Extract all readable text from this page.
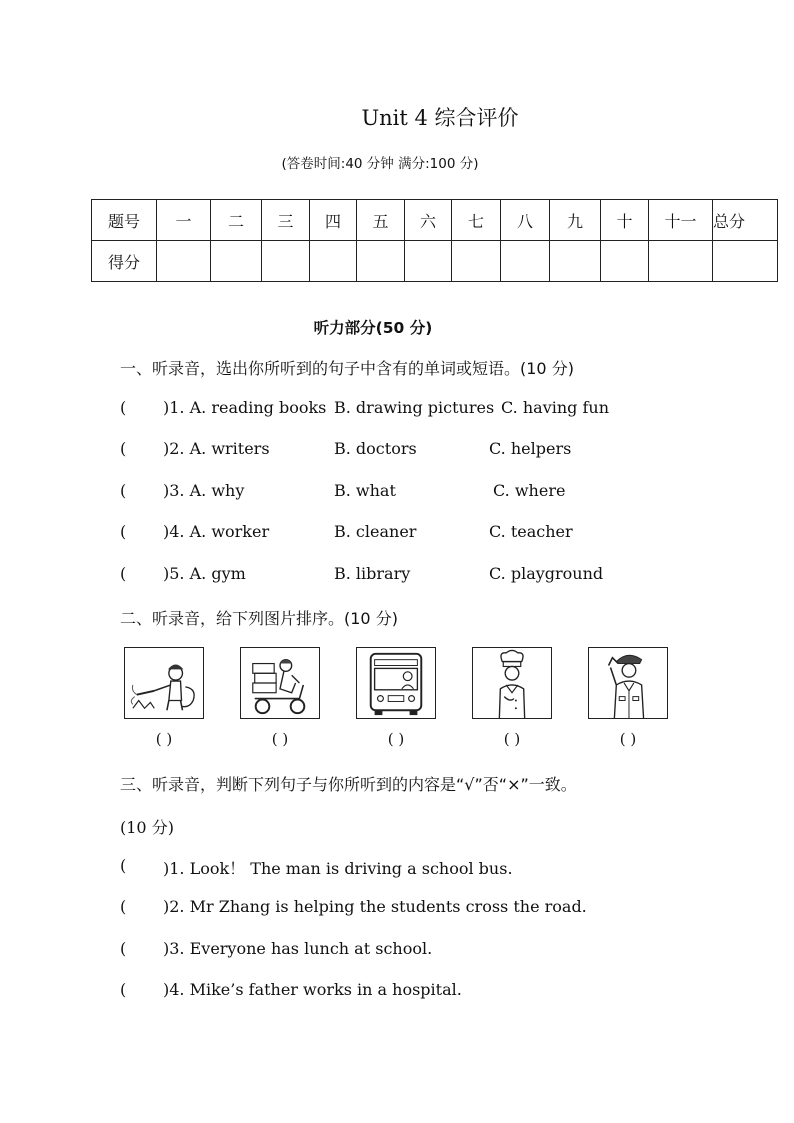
Unit 4 综合评价
(答卷时间:40 分钟 满分:100 分)
题号	一	二	三	四	五	六	七	八	九	十	十一	总分
得分												
听力部分(50 分)
一、听录音，选出你所听到的句子中含有的单词或短语。(10 分)
( )1. A. reading books B. drawing pictures C. having fun
( )2. A. writers	B. doctors	C. helpers
( )3. A. why	B. what	C. where
( )4. A. worker	B. cleaner	C. teacher
( )5. A. gym	B. library	C. playground
二、听录音，给下列图片排序。(10 分)
( )	( )	( )	( )	( )
三、听录音，判断下列句子与你所听到的内容是“√”否“×”一致。
(10 分)
( )1. Look！ The man is driving a school bus.
( )2. Mr Zhang is helping the students cross the road.
( )3. Everyone has lunch at school.
( )4. Mike’s father works in a hospital.
